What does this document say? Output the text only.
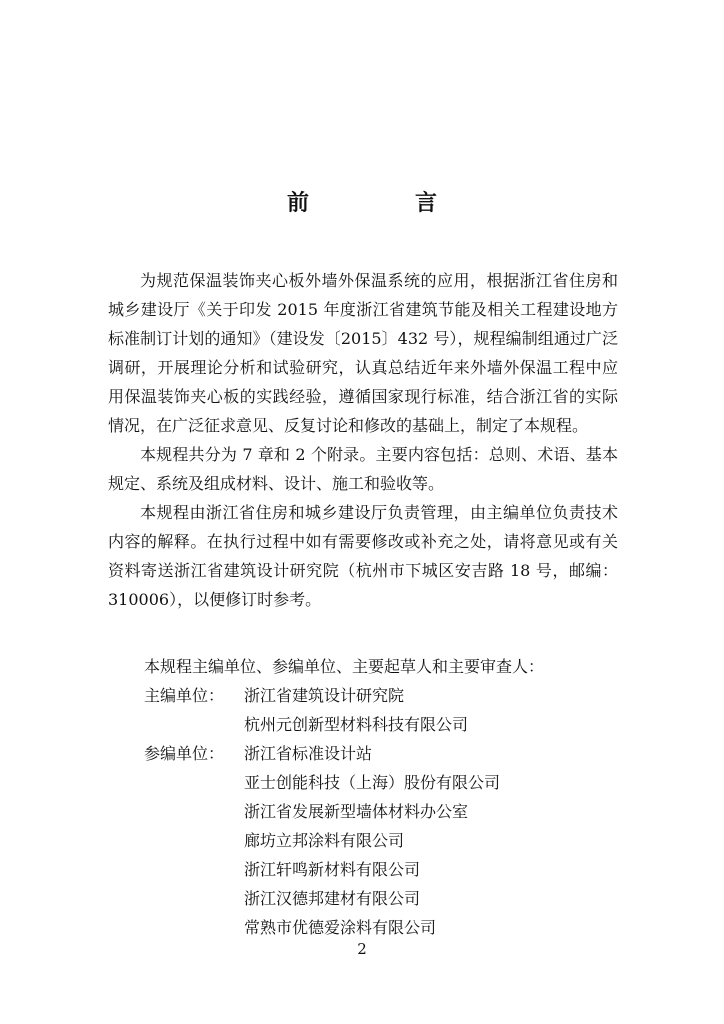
前　言

为规范保温装饰夹心板外墙外保温系统的应用，根据浙江省住房和城乡建设厅《关于印发 2015 年度浙江省建筑节能及相关工程建设地方标准制订计划的通知》（建设发〔2015〕432 号），规程编制组通过广泛调研，开展理论分析和试验研究，认真总结近年来外墙外保温工程中应用保温装饰夹心板的实践经验，遵循国家现行标准，结合浙江省的实际情况，在广泛征求意见、反复讨论和修改的基础上，制定了本规程。

本规程共分为 7 章和 2 个附录。主要内容包括：总则、术语、基本规定、系统及组成材料、设计、施工和验收等。

本规程由浙江省住房和城乡建设厅负责管理，由主编单位负责技术内容的解释。在执行过程中如有需要修改或补充之处，请将意见或有关资料寄送浙江省建筑设计研究院（杭州市下城区安吉路 18 号，邮编：310006），以便修订时参考。

本规程主编单位、参编单位、主要起草人和主要审查人：

主编单位：	浙江省建筑设计研究院
杭州元创新型材料科技有限公司
参编单位：	浙江省标准设计站
亚士创能科技（上海）股份有限公司
浙江省发展新型墙体材料办公室
廊坊立邦涂料有限公司
浙江轩鸣新材料有限公司
浙江汉德邦建材有限公司
常熟市优德爱涂料有限公司
2
